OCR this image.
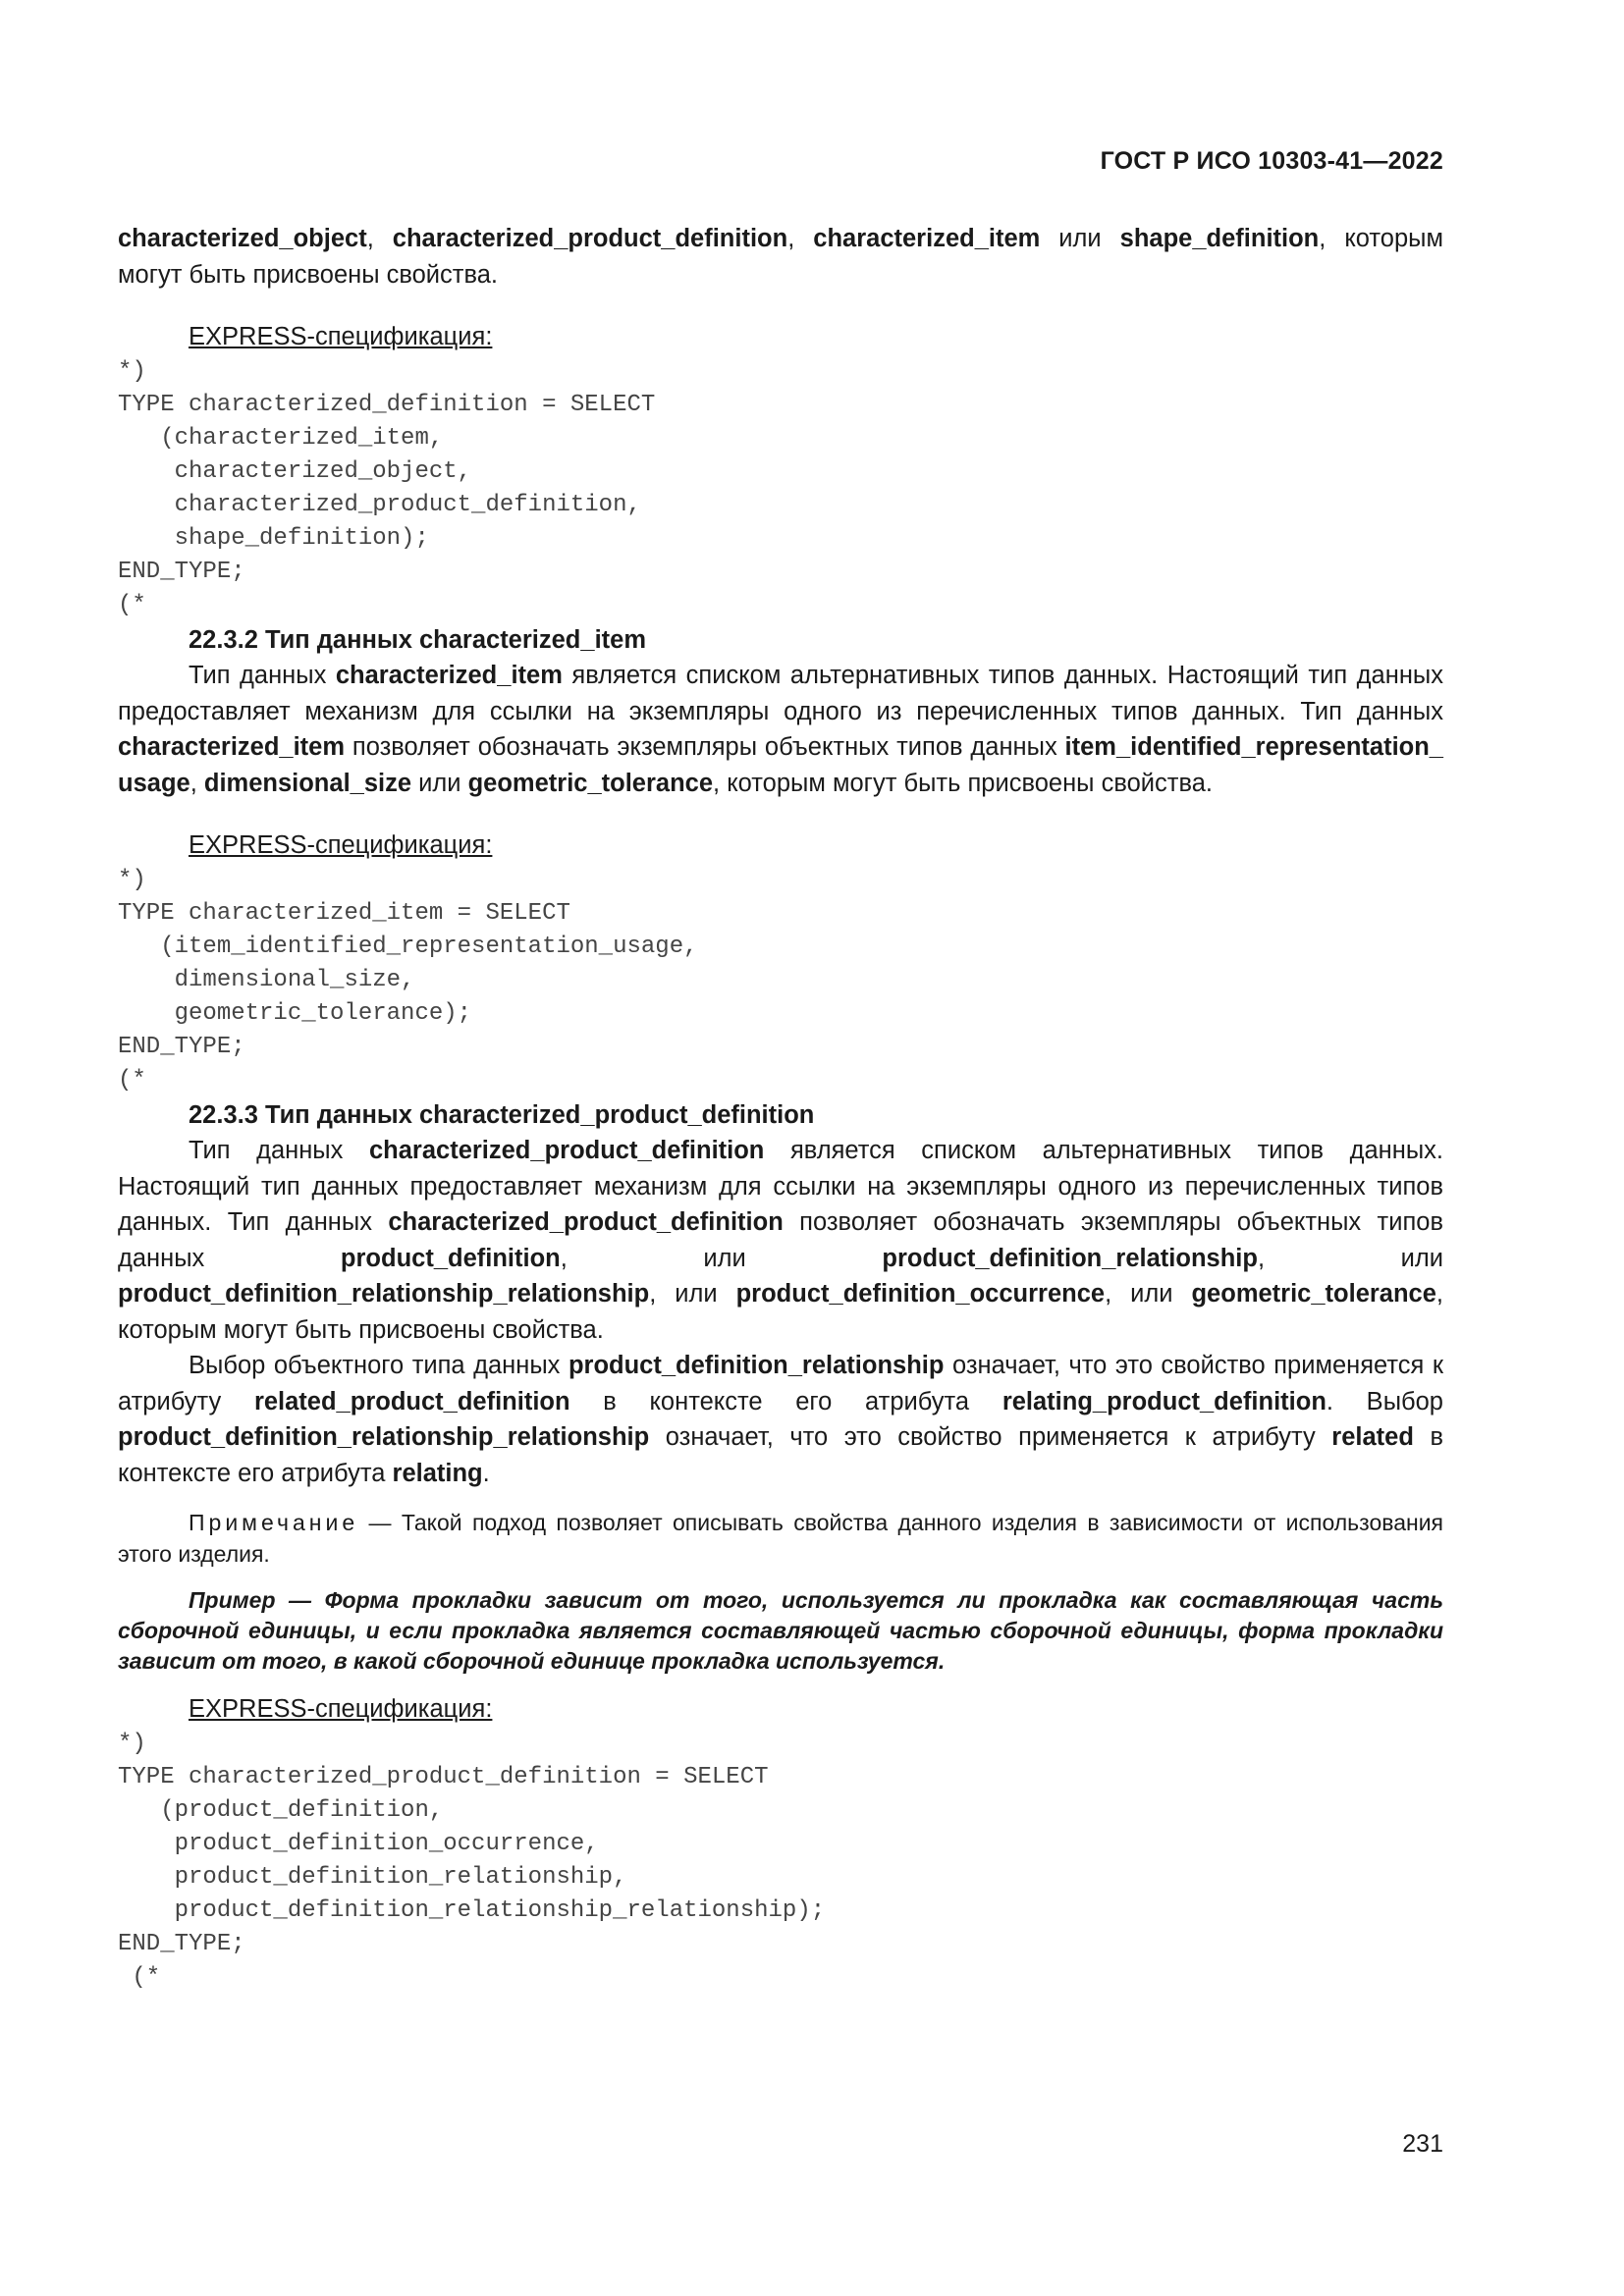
ГОСТ Р ИСО 10303-41—2022

characterized_object, characterized_product_definition, characterized_item или shape_definition, которым могут быть присвоены свойства.

EXPRESS-спецификация:

*)
TYPE characterized_definition = SELECT
(characterized_item,
characterized_object,
characterized_product_definition,
shape_definition);
END_TYPE;
(*

22.3.2 Тип данных characterized_item

Тип данных characterized_item является списком альтернативных типов данных. Настоящий тип данных предоставляет механизм для ссылки на экземпляры одного из перечисленных типов данных. Тип данных characterized_item позволяет обозначать экземпляры объектных типов данных item_identified_representation_ usage, dimensional_size или geometric_tolerance, которым могут быть присвоены свойства.

EXPRESS-спецификация:

*)
TYPE characterized_item = SELECT
(item_identified_representation_usage,
dimensional_size,
geometric_tolerance);
END_TYPE;
(*

22.3.3 Тип данных characterized_product_definition

Тип данных characterized_product_definition является списком альтернативных типов данных. Настоящий тип данных предоставляет механизм для ссылки на экземпляры одного из перечисленных типов данных. Тип данных characterized_product_definition позволяет обозначать экземпляры объектных типов данных product_definition, или product_definition_relationship, или product_definition_relationship_relationship, или product_definition_occurrence, или geometric_tolerance, которым могут быть присвоены свойства.

Выбор объектного типа данных product_definition_relationship означает, что это свойство применяется к атрибуту related_product_definition в контексте его атрибута relating_product_definition. Выбор product_definition_relationship_relationship означает, что это свойство применяется к атрибуту related в контексте его атрибута relating.

Примечание — Такой подход позволяет описывать свойства данного изделия в зависимости от использования этого изделия.

Пример — Форма прокладки зависит от того, используется ли прокладка как составляющая часть сборочной единицы, и если прокладка является составляющей частью сборочной единицы, форма прокладки зависит от того, в какой сборочной единице прокладка используется.

EXPRESS-спецификация:

*)
TYPE characterized_product_definition = SELECT
(product_definition,
product_definition_occurrence,
product_definition_relationship,
product_definition_relationship_relationship);
END_TYPE;
(*

231
